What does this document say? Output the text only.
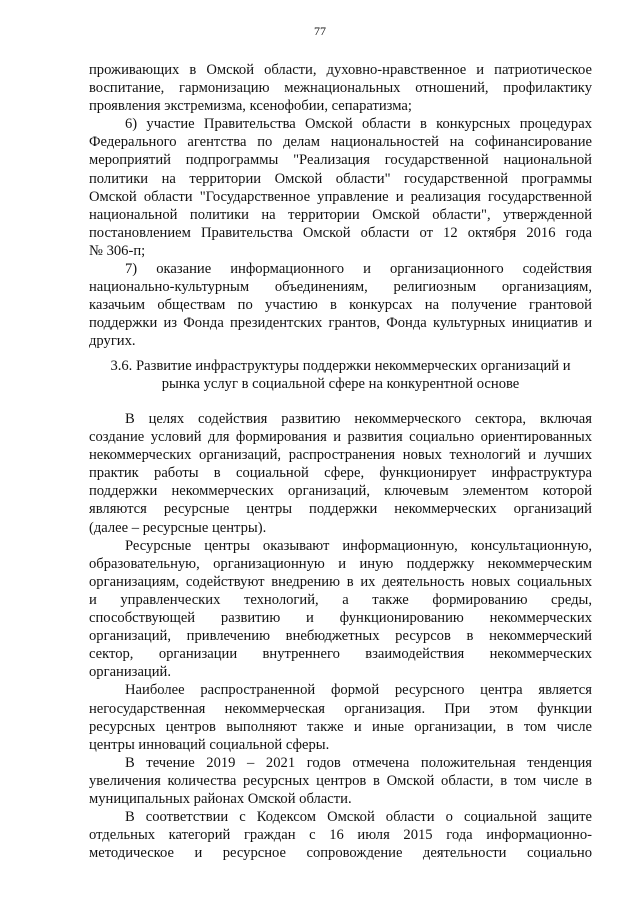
77
проживающих в Омской области, духовно-нравственное и патриотическое
воспитание, гармонизацию межнациональных отношений, профилактику
проявления экстремизма, ксенофобии, сепаратизма;
6) участие Правительства Омской области в конкурсных процедурах
Федерального агентства по делам национальностей на софинансирование
мероприятий подпрограммы "Реализация государственной национальной
политики на территории Омской области" государственной программы
Омской области "Государственное управление и реализация государственной
национальной политики на территории Омской области", утвержденной
постановлением Правительства Омской области от 12 октября 2016 года
№ 306-п;
7) оказание информационного и организационного содействия
национально-культурным объединениям, религиозным организациям,
казачьим обществам по участию в конкурсах на получение грантовой
поддержки из Фонда президентских грантов, Фонда культурных инициатив и
других.
3.6. Развитие инфраструктуры поддержки некоммерческих организаций и
рынка услуг в социальной сфере на конкурентной основе
В целях содействия развитию некоммерческого сектора, включая
создание условий для формирования и развития социально ориентированных
некоммерческих организаций, распространения новых технологий и лучших
практик работы в социальной сфере, функционирует инфраструктура
поддержки некоммерческих организаций, ключевым элементом которой
являются ресурсные центры поддержки некоммерческих организаций
(далее – ресурсные центры).
Ресурсные центры оказывают информационную, консультационную,
образовательную, организационную и иную поддержку некоммерческим
организациям, содействуют внедрению в их деятельность новых социальных
и управленческих технологий, а также формированию среды,
способствующей развитию и функционированию некоммерческих
организаций, привлечению внебюджетных ресурсов в некоммерческий
сектор, организации внутреннего взаимодействия некоммерческих
организаций.
Наиболее распространенной формой ресурсного центра является
негосударственная некоммерческая организация. При этом функции
ресурсных центров выполняют также и иные организации, в том числе
центры инноваций социальной сферы.
В течение 2019 – 2021 годов отмечена положительная тенденция
увеличения количества ресурсных центров в Омской области, в том числе в
муниципальных районах Омской области.
В соответствии с Кодексом Омской области о социальной защите
отдельных категорий граждан с 16 июля 2015 года информационно-
методическое и ресурсное сопровождение деятельности социально
